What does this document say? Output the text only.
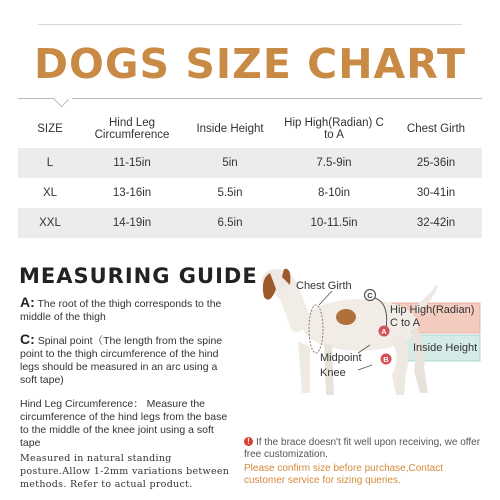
DOGS SIZE CHART
SIZE	Hind Leg Circumference	Inside Height	Hip High(Radian) C to A	Chest Girth
L	11-15in	5in	7.5-9in	25-36in
XL	13-16in	5.5in	8-10in	30-41in
XXL	14-19in	6.5in	10-11.5in	32-42in
MEASURING GUIDE
A: The root of the thigh corresponds to the middle of the thigh
C: Spinal point（The length from the spine point to the thigh circumference of the hind legs should be measured in an arc using a soft tape)
Hind Leg Circumference： Measure the circumference of the hind legs from the base to the middle of the knee joint using a soft tape
Measured in natural standing posture.Allow 1-2mm variations between methods. Refer to actual product.
C
A
B
Chest Girth
Hip High(Radian) C to A
Inside Height
Midpoint
Knee
! If the brace doesn't fit well upon receiving, we offer free customization.
Please confirm size before purchase,Contact customer service for sizing queries.
